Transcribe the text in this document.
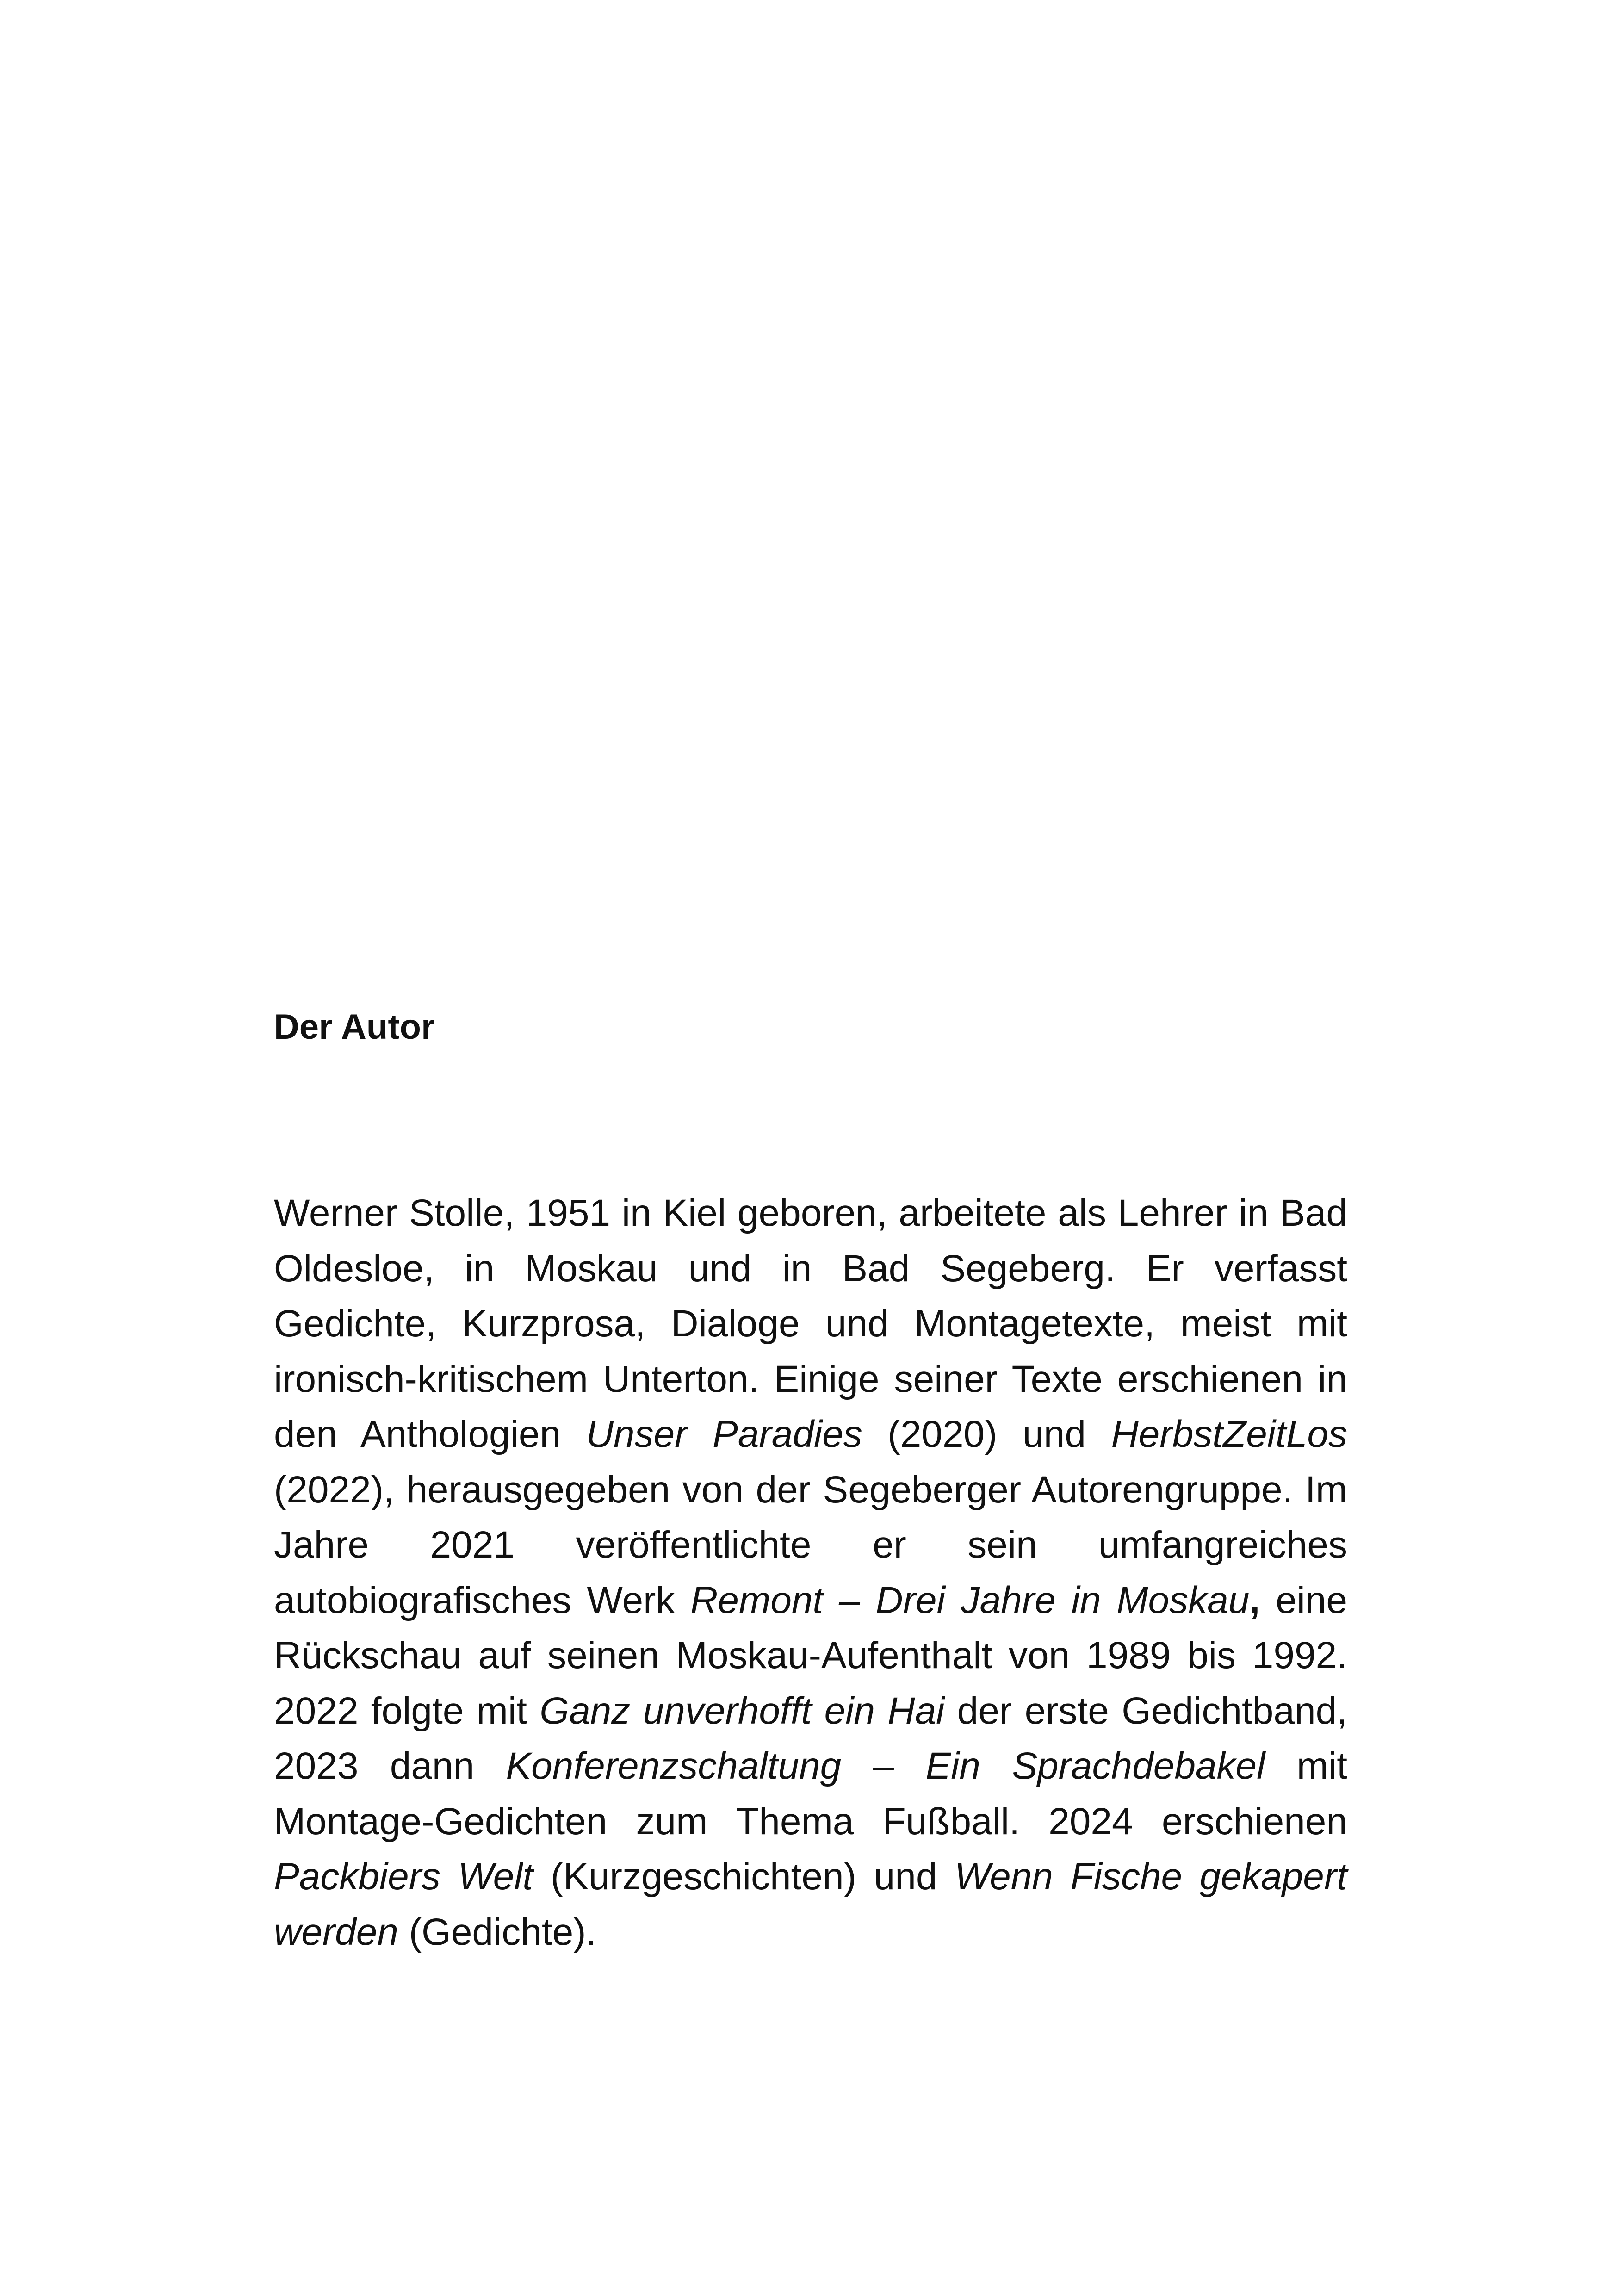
Der Autor

Werner Stolle, 1951 in Kiel geboren, arbeitete als Lehrer in Bad Oldesloe, in Moskau und in Bad Segeberg. Er verfasst Gedichte, Kurzprosa, Dialoge und Montagetexte, meist mit ironisch-kritischem Unterton. Einige seiner Texte erschienen in den Anthologien Unser Paradies (2020) und HerbstZeitLos (2022), herausgegeben von der Segeberger Autorengruppe. Im Jahre 2021 veröffentlichte er sein umfangreiches autobiografisches Werk Remont – Drei Jahre in Moskau, eine Rückschau auf seinen Moskau-Aufenthalt von 1989 bis 1992. 2022 folgte mit Ganz unverhofft ein Hai der erste Gedichtband, 2023 dann Konferenzschaltung – Ein Sprachdebakel mit Montage-Gedichten zum Thema Fußball. 2024 erschienen Packbiers Welt (Kurzgeschichten) und Wenn Fische gekapert werden (Gedichte).
